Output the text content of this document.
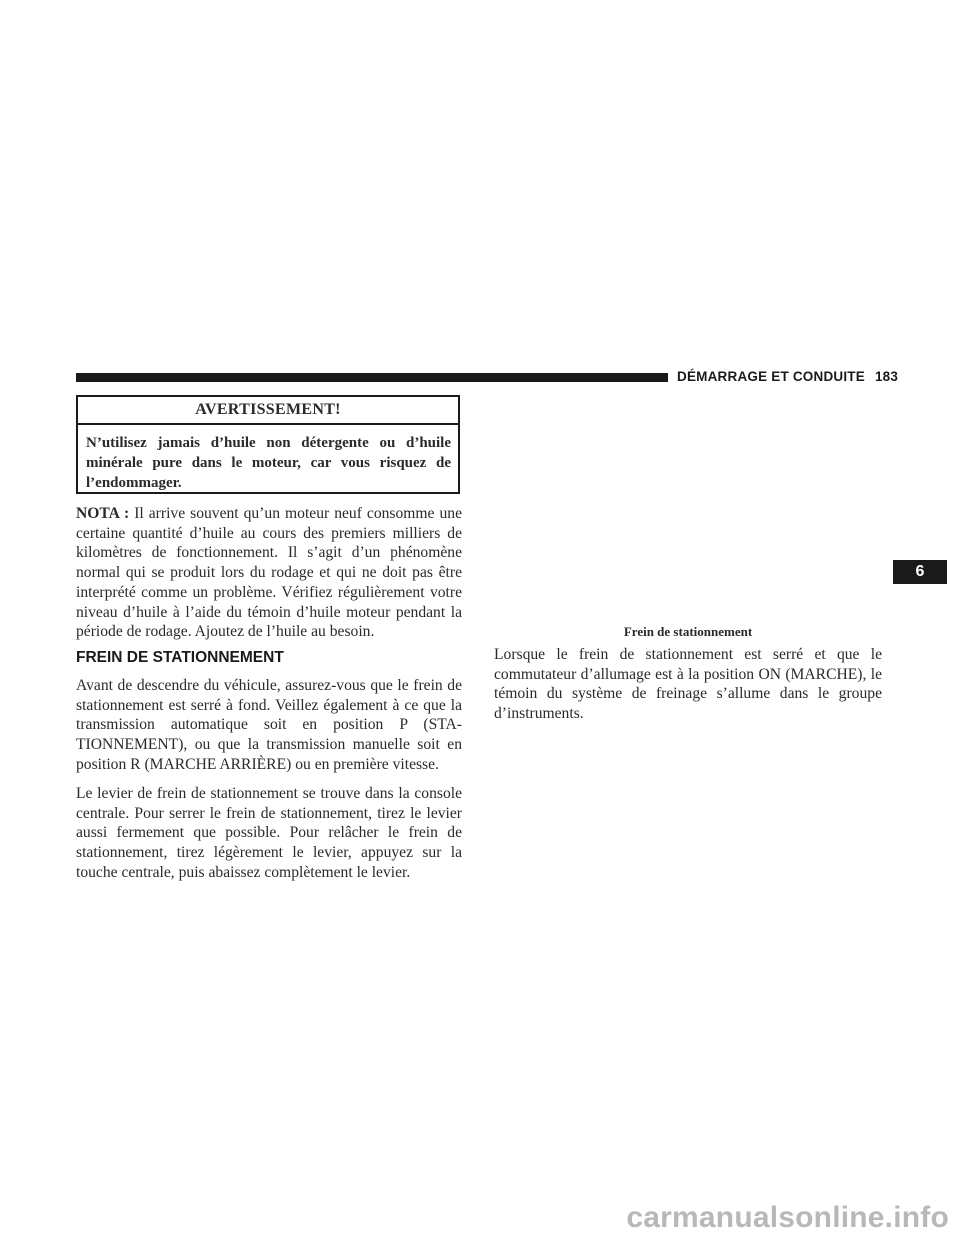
DÉMARRAGE ET CONDUITE 183
AVERTISSEMENT!
N’utilisez jamais d’huile non détergente ou d’huile minérale pure dans le moteur, car vous risquez de l’endommager.

NOTA : Il arrive souvent qu’un moteur neuf consomme une certaine quantité d’huile au cours des premiers milliers de kilomètres de fonctionnement. Il s’agit d’un phénomène normal qui se produit lors du rodage et qui ne doit pas être interprété comme un problème. Vérifiez régulièrement votre niveau d’huile à l’aide du témoin d’huile moteur pendant la période de rodage. Ajoutez de l’huile au besoin.

FREIN DE STATIONNEMENT

Avant de descendre du véhicule, assurez-vous que le frein de stationnement est serré à fond. Veillez également à ce que la transmission automatique soit en position P (STA- TIONNEMENT), ou que la transmission manuelle soit en position R (MARCHE ARRIÈRE) ou en première vitesse.

Le levier de frein de stationnement se trouve dans la console centrale. Pour serrer le frein de stationnement, tirez le levier aussi fermement que possible. Pour relâcher le frein de stationnement, tirez légèrement le levier, appuyez sur la touche centrale, puis abaissez complètement le levier.

Frein de stationnement

Lorsque le frein de stationnement est serré et que le commutateur d’allumage est à la position ON (MARCHE), le témoin du système de freinage s’allume dans le groupe d’instruments.

6
carmanualsonline.info
